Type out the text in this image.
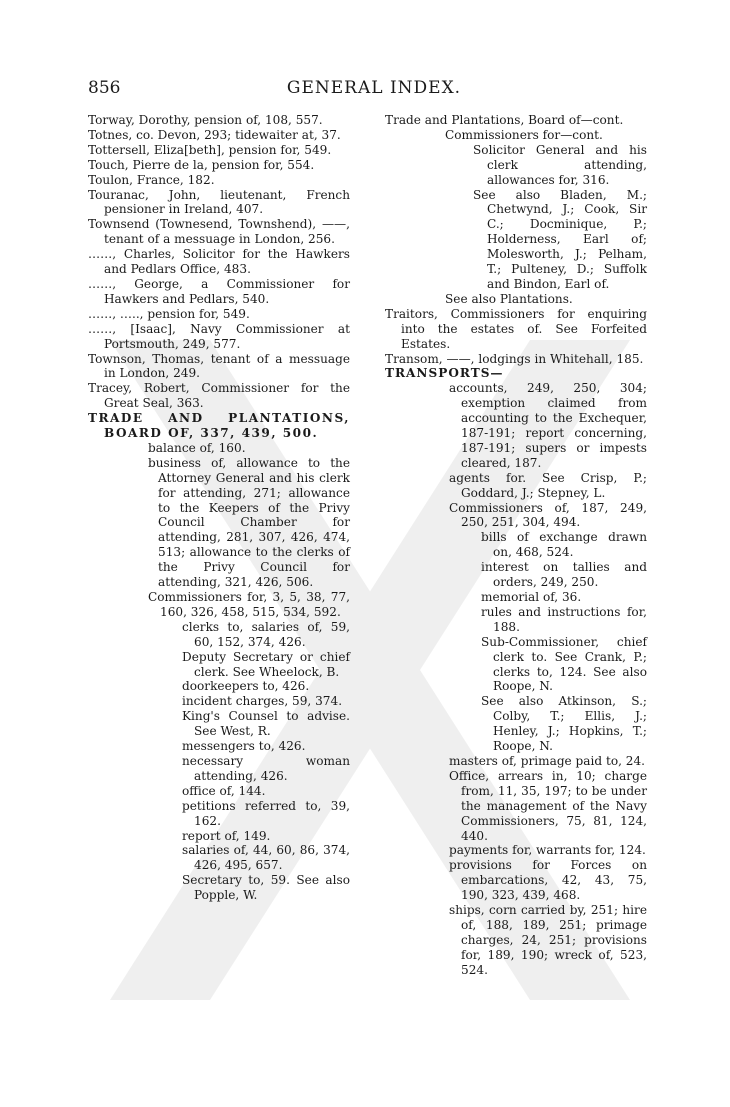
856	GENERAL INDEX.

Torway, Dorothy, pension of, 108, 557.

Totnes, co. Devon, 293; tidewaiter at, 37.

Tottersell, Eliza[beth], pension for, 549.

Touch, Pierre de la, pension for, 554.

Toulon, France, 182.

Touranac, John, lieutenant, French pensioner in Ireland, 407.

Townsend (Townesend, Townshend), ——, tenant of a messuage in London, 256.

……, Charles, Solicitor for the Hawkers and Pedlars Office, 483.

……, George, a Commissioner for Hawkers and Pedlars, 540.

……, ….., pension for, 549.

……, [Isaac], Navy Commissioner at Portsmouth, 249, 577.

Townson, Thomas, tenant of a messuage in London, 249.

Tracey, Robert, Commissioner for the Great Seal, 363.

TRADE AND PLANTATIONS, BOARD OF, 337, 439, 500.

balance of, 160.

business of, allowance to the Attorney General and his clerk for attending, 271; allowance to the Keepers of the Privy Council Chamber for attending, 281, 307, 426, 474, 513; allowance to the clerks of the Privy Council for attending, 321, 426, 506.

Commissioners for, 3, 5, 38, 77, 160, 326, 458, 515, 534, 592.

clerks to, salaries of, 59, 60, 152, 374, 426.

Deputy Secretary or chief clerk. See Wheelock, B.

doorkeepers to, 426.

incident charges, 59, 374.

King's Counsel to advise. See West, R.

messengers to, 426.

necessary woman attending, 426.

office of, 144.

petitions referred to, 39, 162.

report of, 149.

salaries of, 44, 60, 86, 374, 426, 495, 657.

Secretary to, 59. See also Popple, W.

Trade and Plantations, Board of—cont.

Commissioners for—cont.

Solicitor General and his clerk attending, allowances for, 316.

See also Bladen, M.; Chetwynd, J.; Cook, Sir C.; Docminique, P.; Holderness, Earl of; Molesworth, J.; Pelham, T.; Pulteney, D.; Suffolk and Bindon, Earl of.

See also Plantations.

Traitors, Commissioners for enquiring into the estates of. See Forfeited Estates.

Transom, ——, lodgings in Whitehall, 185.

TRANSPORTS—

accounts, 249, 250, 304; exemption claimed from accounting to the Exchequer, 187-191; report concerning, 187-191; supers or impests cleared, 187.

agents for. See Crisp, P.; Goddard, J.; Stepney, L.

Commissioners of, 187, 249, 250, 251, 304, 494.

bills of exchange drawn on, 468, 524.

interest on tallies and orders, 249, 250.

memorial of, 36.

rules and instructions for, 188.

Sub-Commissioner, chief clerk to. See Crank, P.; clerks to, 124. See also Roope, N.

See also Atkinson, S.; Colby, T.; Ellis, J.; Henley, J.; Hopkins, T.; Roope, N.

masters of, primage paid to, 24.

Office, arrears in, 10; charge from, 11, 35, 197; to be under the management of the Navy Commissioners, 75, 81, 124, 440.

payments for, warrants for, 124.

provisions for Forces on embarcations, 42, 43, 75, 190, 323, 439, 468.

ships, corn carried by, 251; hire of, 188, 189, 251; primage charges, 24, 251; provisions for, 189, 190; wreck of, 523, 524.
